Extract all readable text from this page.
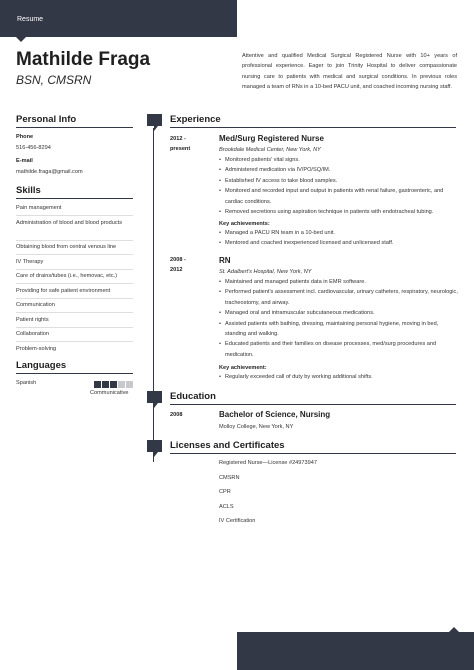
Resume
Mathilde Fraga
BSN, CMSRN
Attentive and qualified Medical Surgical Registered Nurse with 10+ years of professional experience. Eager to join Trinity Hospital to deliver compassionate nursing care to patients with medical and surgical conditions. In previous roles managed a team of RNs in a 10-bed PACU unit, and coached incoming nursing staff.
Personal Info
Phone
516-456-8294
E-mail
mathilde.fraga@gmail.com
Skills
Pain management
Administration of blood and blood products
Obtaining blood from central venous line
IV Therapy
Care of drains/tubes (i.e., hemovac, etc.)
Providing for safe patient environment
Communication
Patient rights
Collaboration
Problem-solving
Languages
Spanish
Communicative
Experience
2012 -
present
Med/Surg Registered Nurse
Brookdale Medical Center, New York, NY
• Monitored patients' vital signs.
• Administered medication via IV/PO/SQ/IM.
• Established IV access to take blood samples.
• Monitored and recorded input and output in patients with renal failure, gastroenteric, and cardiac conditions.
• Removed secretions using aspiration technique in patients with endotracheal tubing.
Key achievements:
• Managed a PACU RN team in a 10-bed unit.
• Mentored and coached inexperienced licensed and unlicensed staff.
2008 -
2012
RN
St. Adalbert's Hospital, New York, NY
• Maintained and managed patients data in EMR software.
• Performed patient's assessment incl. cardiovascular, urinary catheters, respiratory, neurologic, tracheostomy, and airway.
• Managed oral and intramuscular subcutaneous medications.
• Assisted patients with bathing, dressing, maintaining personal hygiene, moving in bed, standing and walking.
• Educated patients and their families on disease processes, med/surg procedures and medication.
Key achievement:
• Regularly exceeded call of duty by working additional shifts.
Education
2008	Bachelor of Science, Nursing
Molloy College, New York, NY
Licenses and Certificates
Registered Nurse—License #24973947
CMSRN
CPR
ACLS
IV Certification
